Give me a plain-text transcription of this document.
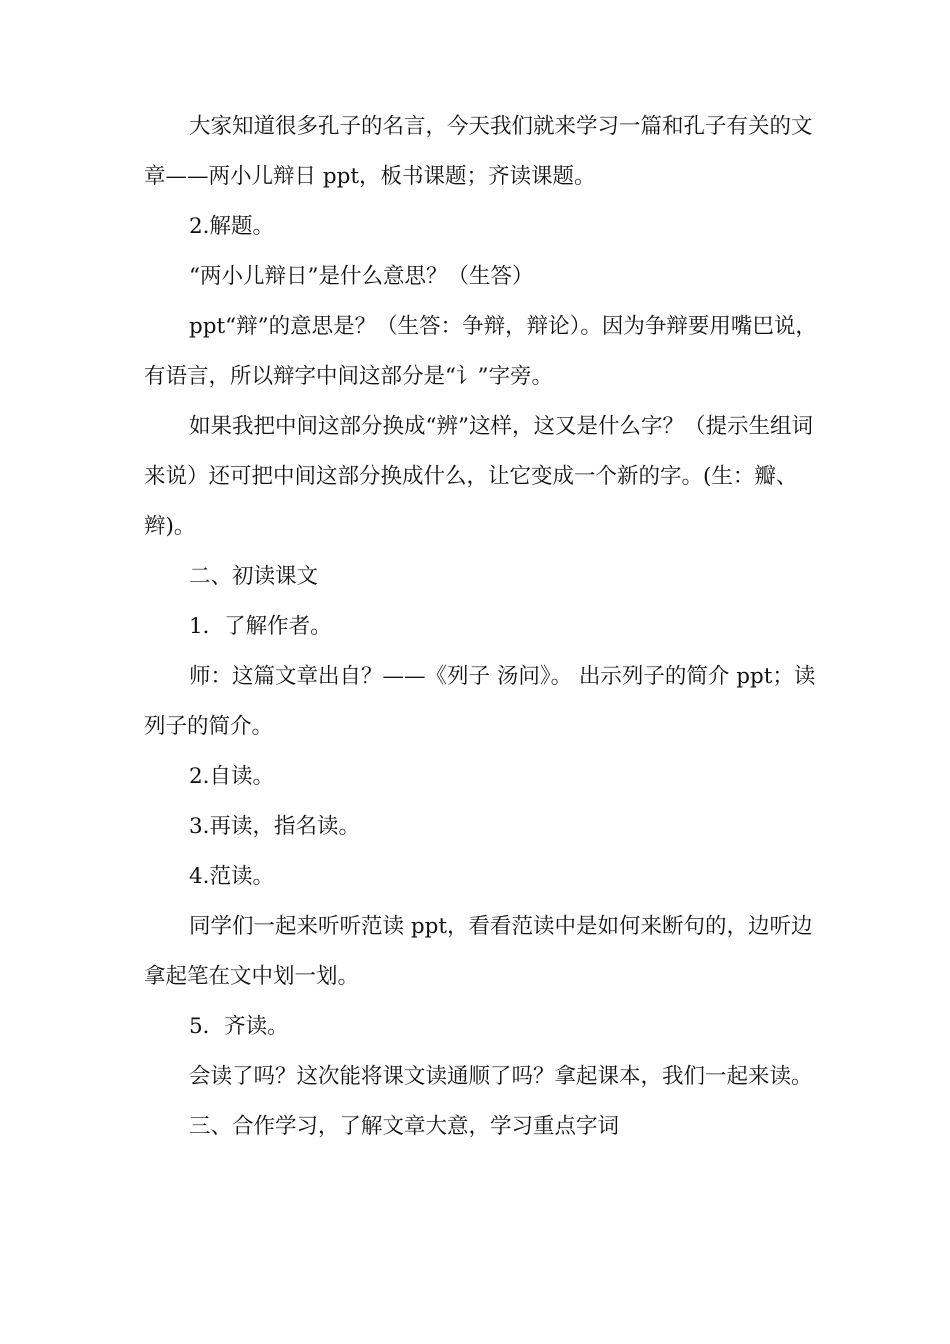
大家知道很多孔子的名言，今天我们就来学习一篇和孔子有关的文章——两小儿辩日 ppt，板书课题；齐读课题。

2.解题。

“两小儿辩日”是什么意思？（生答）

ppt“辩”的意思是？（生答：争辩，辩论）。因为争辩要用嘴巴说，有语言，所以辩字中间这部分是“讠”字旁。

如果我把中间这部分换成“辨”这样，这又是什么字？（提示生组词来说）还可把中间这部分换成什么，让它变成一个新的字。(生：瓣、辫)。

二、初读课文

1．了解作者。

师：这篇文章出自？——《列子 汤问》。 出示列子的简介 ppt；读列子的简介。

2.自读。

3.再读，指名读。

4.范读。

同学们一起来听听范读 ppt，看看范读中是如何来断句的，边听边拿起笔在文中划一划。

5．齐读。

会读了吗？这次能将课文读通顺了吗？拿起课本，我们一起来读。

三、合作学习，了解文章大意，学习重点字词
